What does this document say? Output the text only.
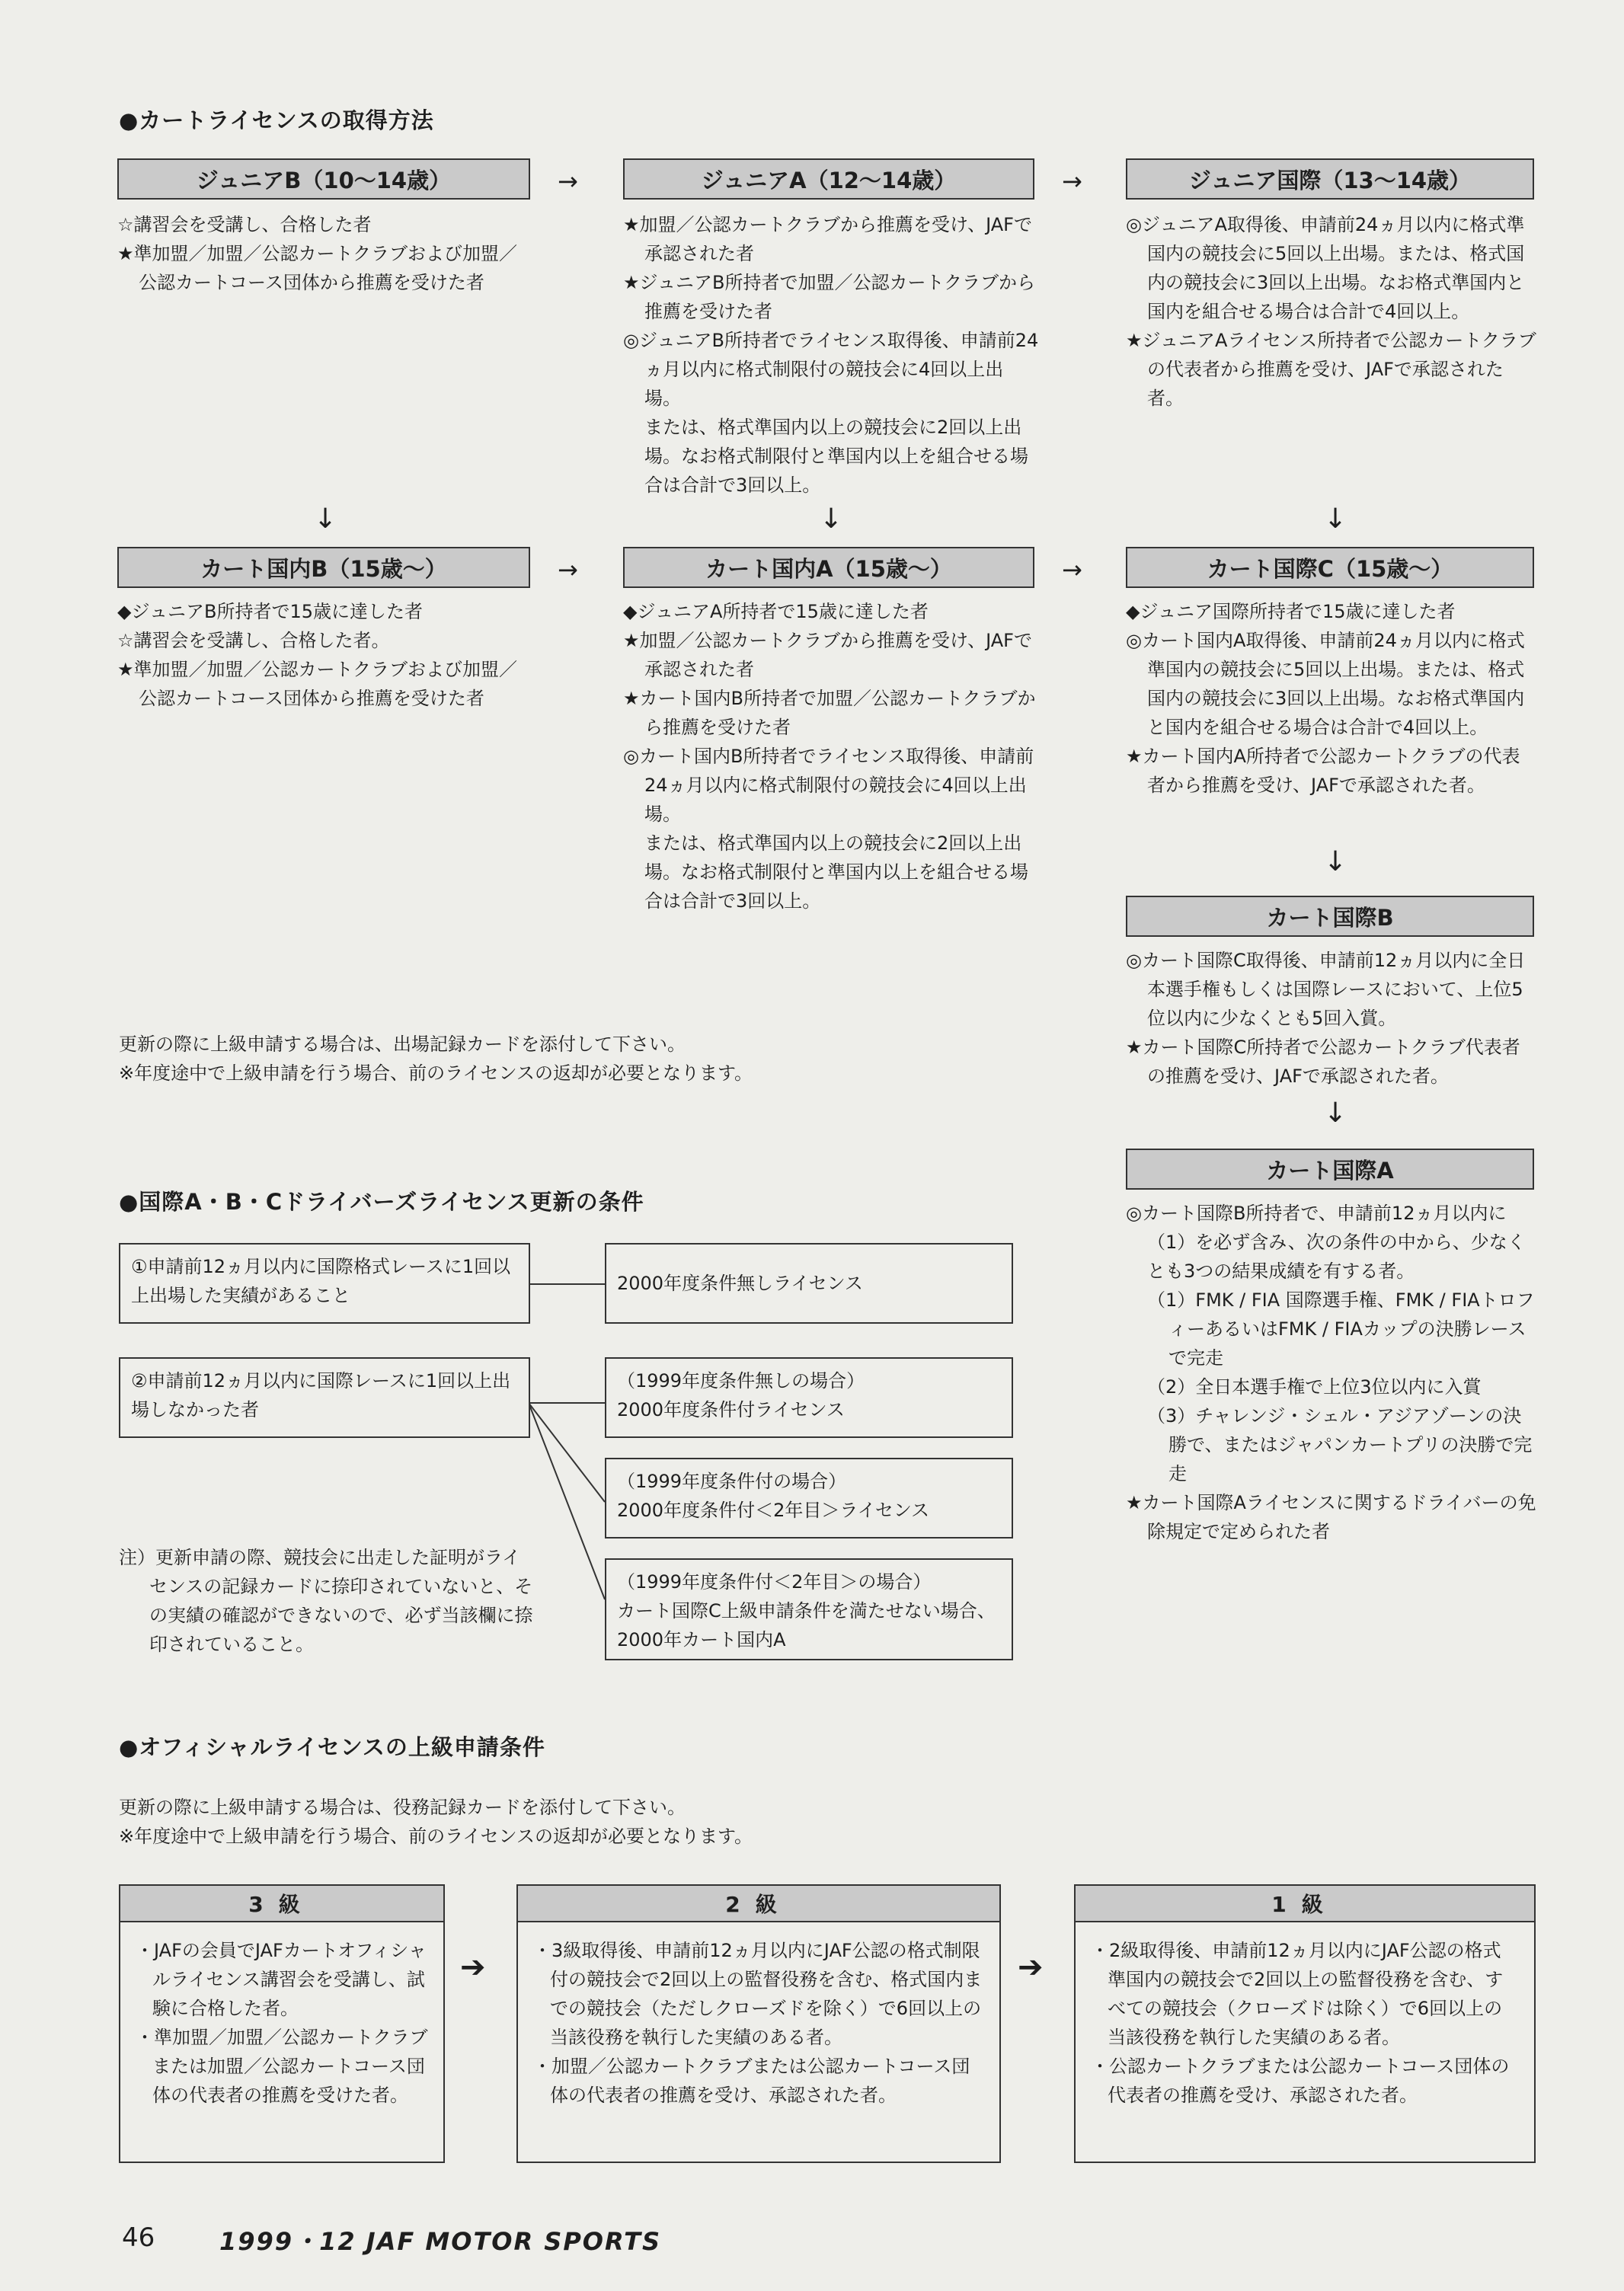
●カートライセンスの取得方法
ジュニアB（10〜14歳）	→	ジュニアA（12〜14歳）	→	ジュニア国際（13〜14歳）

☆講習会を受講し、合格した者

★準加盟／加盟／公認カートクラブおよび加盟／公認カートコース団体から推薦を受けた者

★加盟／公認カートクラブから推薦を受け、JAFで承認された者

★ジュニアB所持者で加盟／公認カートクラブから推薦を受けた者

◎ジュニアB所持者でライセンス取得後、申請前24ヵ月以内に格式制限付の競技会に4回以上出場。

または、格式準国内以上の競技会に2回以上出場。なお格式制限付と準国内以上を組合せる場合は合計で3回以上。

◎ジュニアA取得後、申請前24ヵ月以内に格式準国内の競技会に5回以上出場。または、格式国内の競技会に3回以上出場。なお格式準国内と国内を組合せる場合は合計で4回以上。

★ジュニアAライセンス所持者で公認カートクラブの代表者から推薦を受け、JAFで承認された者。

↓	↓	↓
カート国内B（15歳〜）	→	カート国内A（15歳〜）	→	カート国際C（15歳〜）

◆ジュニアB所持者で15歳に達した者

☆講習会を受講し、合格した者。

★準加盟／加盟／公認カートクラブおよび加盟／公認カートコース団体から推薦を受けた者

◆ジュニアA所持者で15歳に達した者

★加盟／公認カートクラブから推薦を受け、JAFで承認された者

★カート国内B所持者で加盟／公認カートクラブから推薦を受けた者

◎カート国内B所持者でライセンス取得後、申請前24ヵ月以内に格式制限付の競技会に4回以上出場。

または、格式準国内以上の競技会に2回以上出場。なお格式制限付と準国内以上を組合せる場合は合計で3回以上。

◆ジュニア国際所持者で15歳に達した者

◎カート国内A取得後、申請前24ヵ月以内に格式準国内の競技会に5回以上出場。または、格式国内の競技会に3回以上出場。なお格式準国内と国内を組合せる場合は合計で4回以上。

★カート国内A所持者で公認カートクラブの代表者から推薦を受け、JAFで承認された者。

↓
カート国際B

◎カート国際C取得後、申請前12ヵ月以内に全日本選手権もしくは国際レースにおいて、上位5位以内に少なくとも5回入賞。

★カート国際C所持者で公認カートクラブ代表者の推薦を受け、JAFで承認された者。

↓
カート国際A

◎カート国際B所持者で、申請前12ヵ月以内に

（1）を必ず含み、次の条件の中から、少なくとも3つの結果成績を有する者。

（1）FMK / FIA 国際選手権、FMK / FIAトロフィーあるいはFMK / FIAカップの決勝レースで完走

（2）全日本選手権で上位3位以内に入賞

（3）チャレンジ・シェル・アジアゾーンの決勝で、またはジャパンカートプリの決勝で完走

★カート国際Aライセンスに関するドライバーの免除規定で定められた者

更新の際に上級申請する場合は、出場記録カードを添付して下さい。

※年度途中で上級申請を行う場合、前のライセンスの返却が必要となります。

●国際A・B・Cドライバーズライセンス更新の条件
①申請前12ヵ月以内に国際格式レースに1回以上出場した実績があること
②申請前12ヵ月以内に国際レースに1回以上出場しなかった者
2000年度条件無しライセンス
（1999年度条件無しの場合）
2000年度条件付ライセンス
（1999年度条件付の場合）
2000年度条件付＜2年目＞ライセンス
（1999年度条件付＜2年目＞の場合）
カート国際C上級申請条件を満たせない場合、2000年カート国内A

注）更新申請の際、競技会に出走した証明がライセンスの記録カードに捺印されていないと、その実績の確認ができないので、必ず当該欄に捺印されていること。

●オフィシャルライセンスの上級申請条件

更新の際に上級申請する場合は、役務記録カードを添付して下さい。

※年度途中で上級申請を行う場合、前のライセンスの返却が必要となります。

3級

・JAFの会員でJAFカートオフィシャルライセンス講習会を受講し、試験に合格した者。

・準加盟／加盟／公認カートクラブまたは加盟／公認カートコース団体の代表者の推薦を受けた者。

➔
2級

・3級取得後、申請前12ヵ月以内にJAF公認の格式制限付の競技会で2回以上の監督役務を含む、格式国内までの競技会（ただしクローズドを除く）で6回以上の当該役務を執行した実績のある者。

・加盟／公認カートクラブまたは公認カートコース団体の代表者の推薦を受け、承認された者。

➔
1級

・2級取得後、申請前12ヵ月以内にJAF公認の格式準国内の競技会で2回以上の監督役務を含む、すべての競技会（クローズドは除く）で6回以上の当該役務を執行した実績のある者。

・公認カートクラブまたは公認カートコース団体の代表者の推薦を受け、承認された者。

46	1999・12 JAF MOTOR SPORTS
